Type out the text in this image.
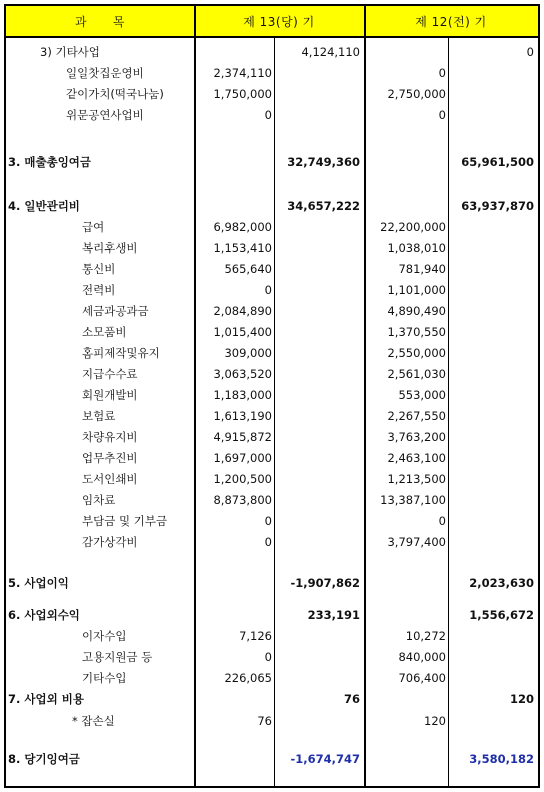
과      목	제 13(당) 기	제 12(전) 기
3) 기타사업	4,124,110	0
일일찻집운영비	2,374,110	0
같이가치(떡국나눔)	1,750,000	2,750,000
위문공연사업비	0	0
3. 매출총잉여금	32,749,360	65,961,500
4. 일반관리비	34,657,222	63,937,870
급여	6,982,000	22,200,000
복리후생비	1,153,410	1,038,010
통신비	565,640	781,940
전력비	0	1,101,000
세금과공과금	2,084,890	4,890,490
소모품비	1,015,400	1,370,550
홈피제작및유지	309,000	2,550,000
지급수수료	3,063,520	2,561,030
회원개발비	1,183,000	553,000
보험료	1,613,190	2,267,550
차량유지비	4,915,872	3,763,200
업무추진비	1,697,000	2,463,100
도서인쇄비	1,200,500	1,213,500
임차료	8,873,800	13,387,100
부담금 및 기부금	0	0
감가상각비	0	3,797,400
5. 사업이익	-1,907,862	2,023,630
6. 사업외수익	233,191	1,556,672
이자수입	7,126	10,272
고용지원금 등	0	840,000
기타수입	226,065	706,400
7. 사업외 비용	76	120
* 잡손실	76	120
8. 당기잉여금	-1,674,747	3,580,182
